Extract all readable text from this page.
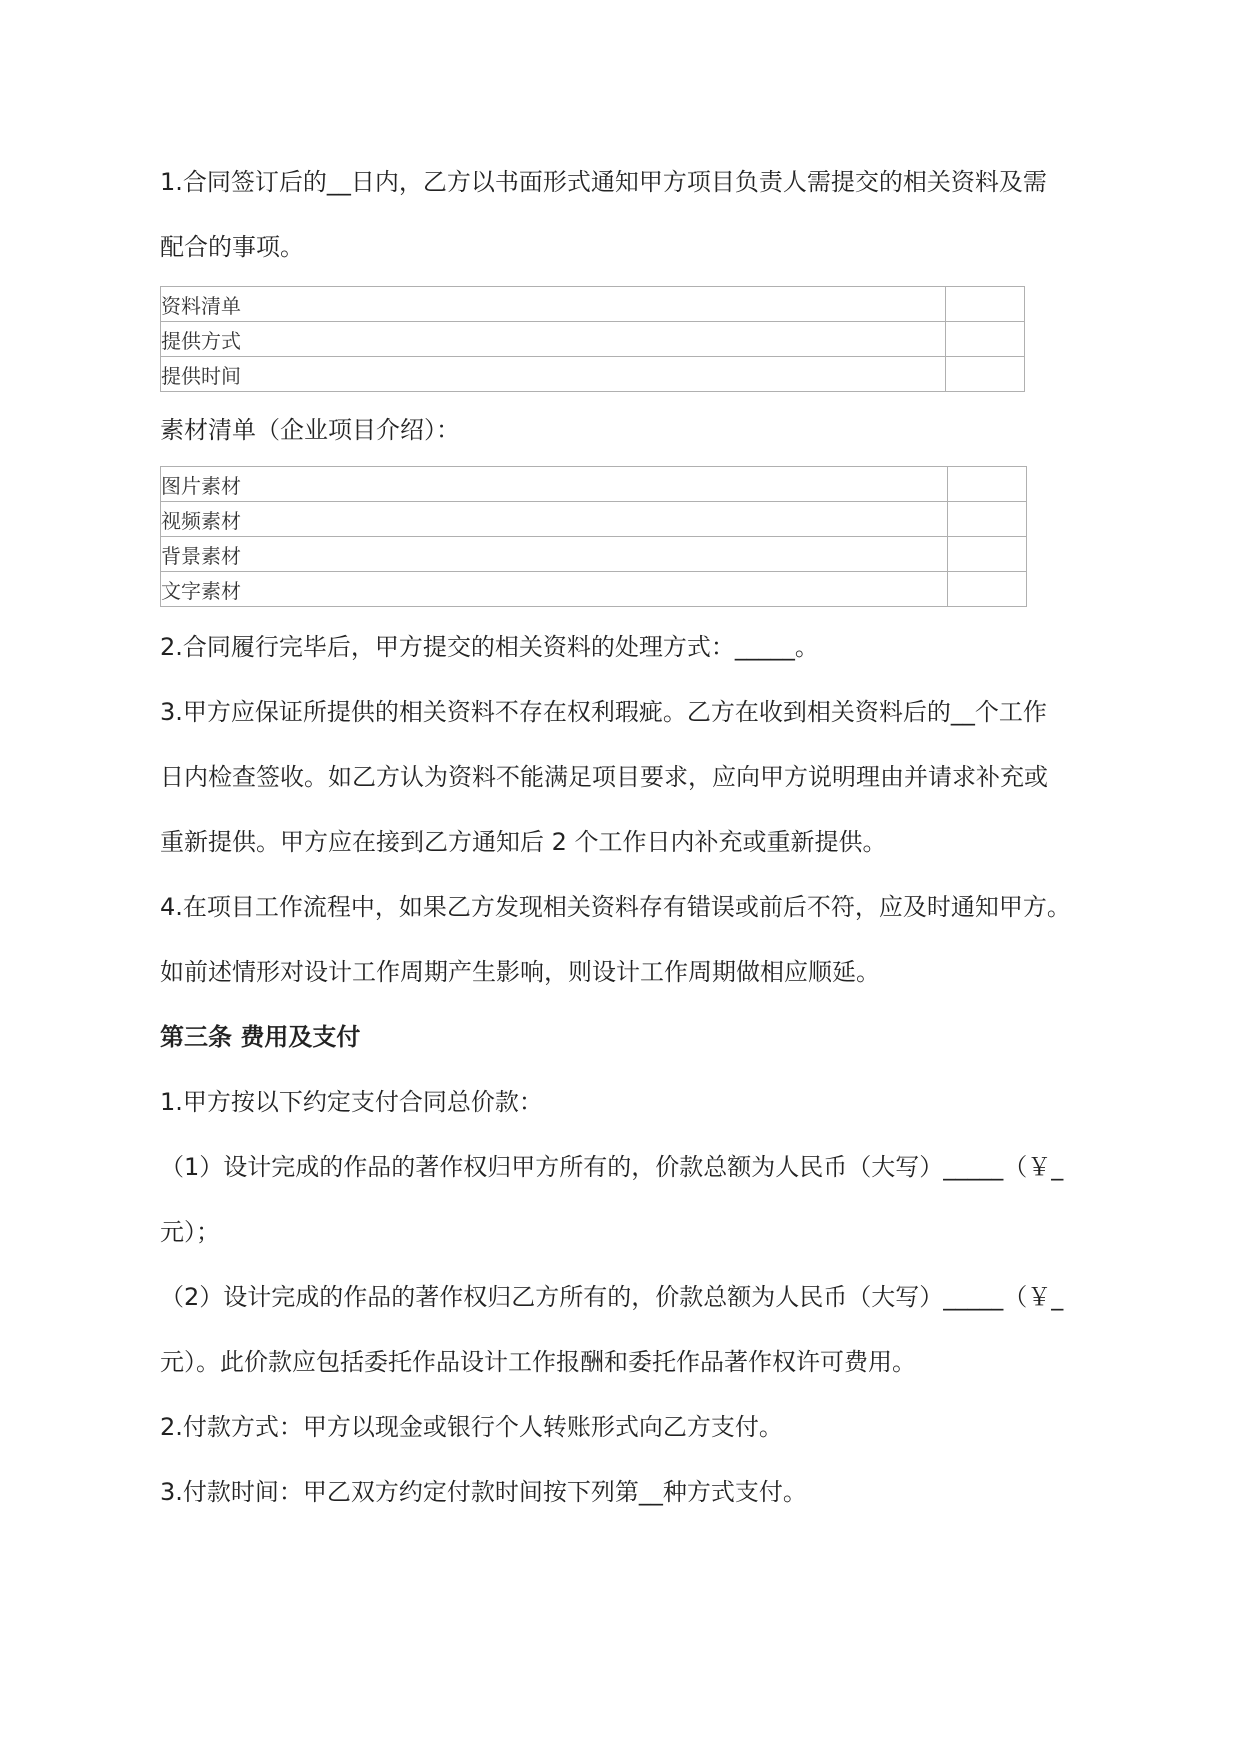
1.合同签订后的__日内，乙方以书面形式通知甲方项目负责人需提交的相关资料及需

配合的事项。

资料清单	
提供方式	
提供时间	

素材清单（企业项目介绍）：

图片素材	
视频素材	
背景素材	
文字素材	

2.合同履行完毕后，甲方提交的相关资料的处理方式：_____。

3.甲方应保证所提供的相关资料不存在权利瑕疵。乙方在收到相关资料后的__个工作

日内检查签收。如乙方认为资料不能满足项目要求，应向甲方说明理由并请求补充或

重新提供。甲方应在接到乙方通知后 2 个工作日内补充或重新提供。

4.在项目工作流程中，如果乙方发现相关资料存有错误或前后不符，应及时通知甲方。

如前述情形对设计工作周期产生影响，则设计工作周期做相应顺延。

第三条 费用及支付

1.甲方按以下约定支付合同总价款：

（1）设计完成的作品的著作权归甲方所有的，价款总额为人民币（大写）_____（￥_

元）；

（2）设计完成的作品的著作权归乙方所有的，价款总额为人民币（大写）_____（￥_

元）。此价款应包括委托作品设计工作报酬和委托作品著作权许可费用。

2.付款方式：甲方以现金或银行个人转账形式向乙方支付。

3.付款时间：甲乙双方约定付款时间按下列第__种方式支付。
